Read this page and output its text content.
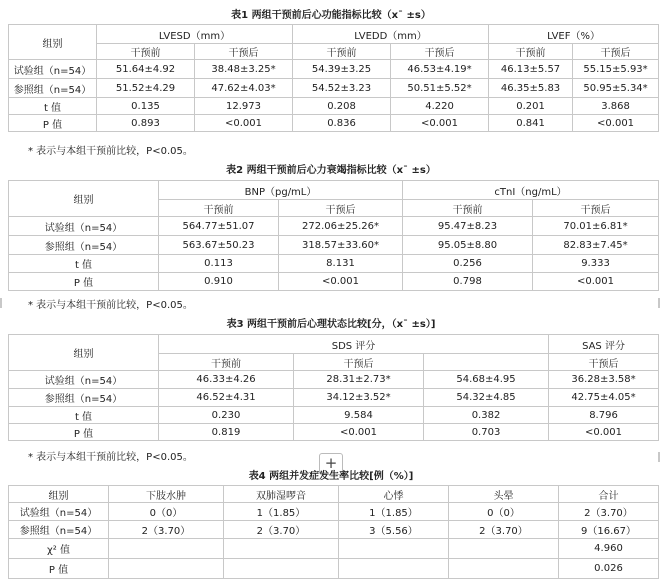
表1 两组干预前后心功能指标比较（x¯ ±s）
组别	LVESD（mm）		LVEDD（mm）		LVEF（%）	
	干预前	干预后	干预前	干预后	干预前	干预后
试验组（n=54）	51.64±4.92	38.48±3.25*	54.39±3.25	46.53±4.19*	46.13±5.57	55.15±5.93*
参照组（n=54）	51.52±4.29	47.62±4.03*	54.52±3.23	50.51±5.52*	46.35±5.83	50.95±5.34*
t 值	0.135	12.973	0.208	4.220	0.201	3.868
P 值	0.893	<0.001	0.836	<0.001	0.841	<0.001
* 表示与本组干预前比较，P<0.05。
表2 两组干预前后心力衰竭指标比较（x¯ ±s）
组别	BNP（pg/mL）		cTnI（ng/mL）	
	干预前	干预后	干预前	干预后
试验组（n=54）	564.77±51.07	272.06±25.26*	95.47±8.23	70.01±6.81*
参照组（n=54）	563.67±50.23	318.57±33.60*	95.05±8.80	82.83±7.45*
t 值	0.113	8.131	0.256	9.333
P 值	0.910	<0.001	0.798	<0.001
* 表示与本组干预前比较，P<0.05。
表3 两组干预前后心理状态比较[分，（x¯ ±s）]
组别	SDS 评分			SAS 评分
	干预前	干预后		干预后
试验组（n=54）	46.33±4.26	28.31±2.73*	54.68±4.95	36.28±3.58*
参照组（n=54）	46.52±4.31	34.12±3.52*	54.32±4.85	42.75±4.05*
t 值	0.230	9.584	0.382	8.796
P 值	0.819	<0.001	0.703	<0.001
* 表示与本组干预前比较，P<0.05。	+
表4 两组并发症发生率比较[例（%）]
组别	下肢水肿	双肺湿啰音	心悸	头晕	合计
试验组（n=54）	0（0）	1（1.85）	1（1.85）	0（0）	2（3.70）
参照组（n=54）	2（3.70）	2（3.70）	3（5.56）	2（3.70）	9（16.67）
χ² 值					4.960
P 值					0.026
